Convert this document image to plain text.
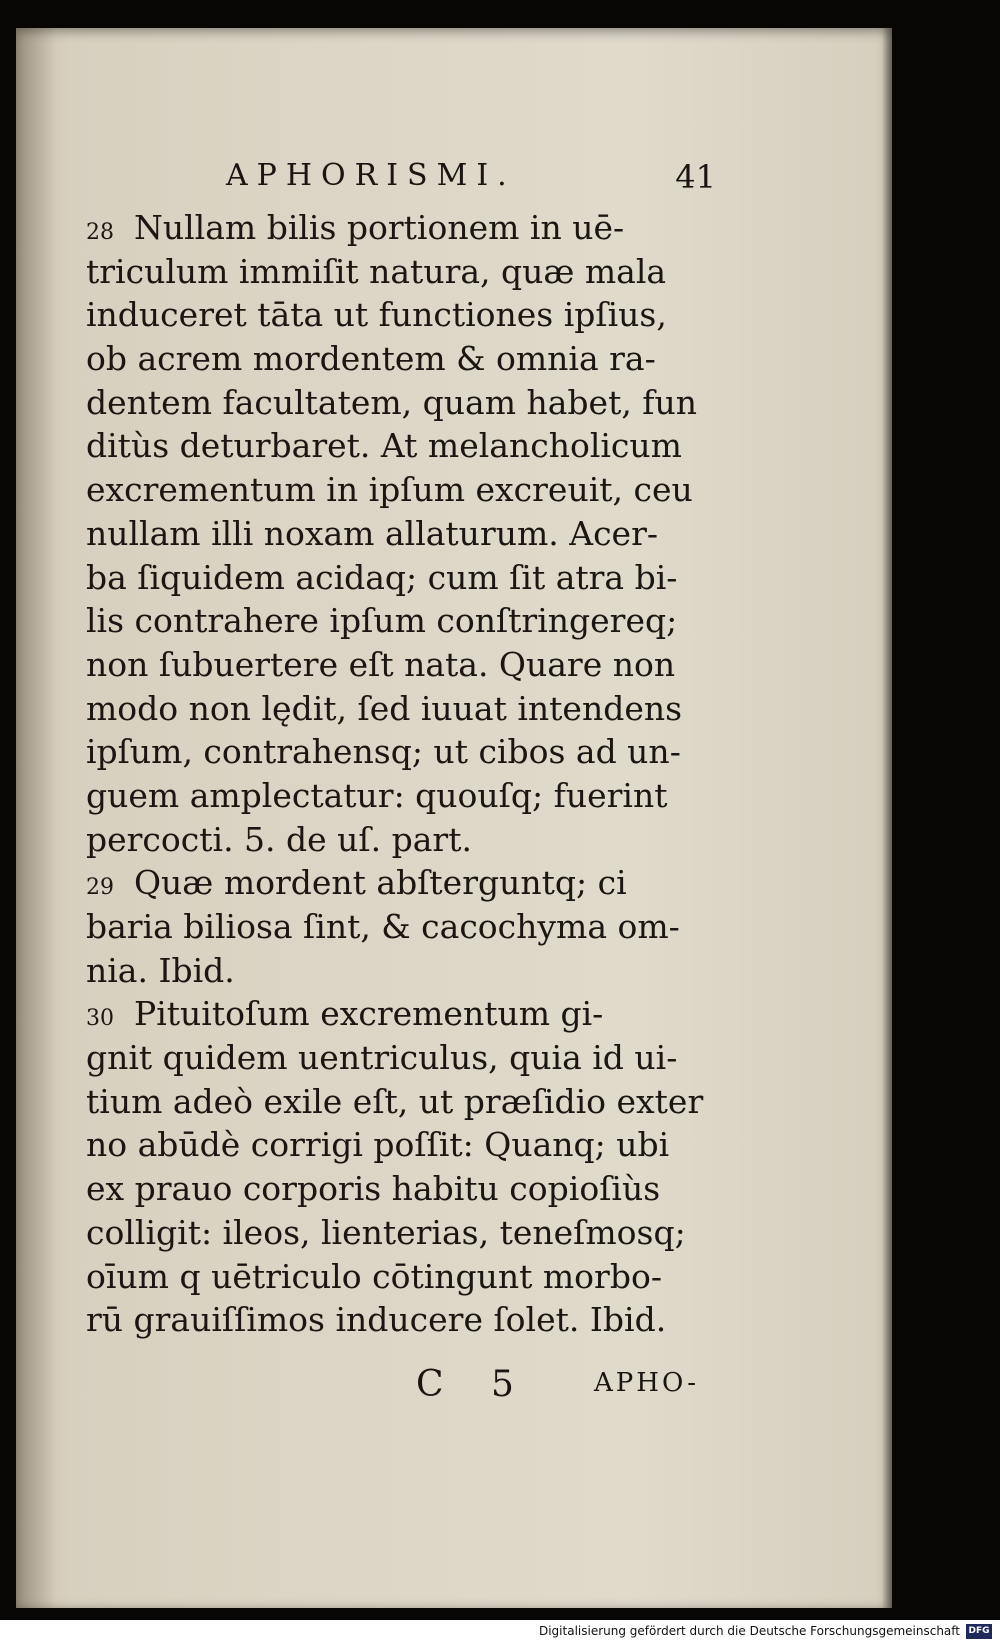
APHORISMI.	41
28 Nullam bilis portionem in uē-
triculum immiſit natura, quæ mala
induceret tāta ut functiones ipſius,
ob acrem mordentem & omnia ra-
dentem facultatem, quam habet, fun
ditùs deturbaret. At melancholicum
excrementum in ipſum excreuit, ceu
nullam illi noxam allaturum. Acer-
ba ſiquidem acidaq; cum ſit atra bi-
lis contrahere ipſum conſtringereq;
non ſubuertere eſt nata. Quare non
modo non lędit, ſed iuuat intendens
ipſum, contrahensq; ut cibos ad un-
guem amplectatur: quouſq; fuerint
percocti. 5. de uſ. part.
29 Quæ mordent abſterguntq; ci
baria biliosa ſint, & cacochyma om-
nia. Ibid.
30 Pituitoſum excrementum gi-
gnit quidem uentriculus, quia id ui-
tium adeò exile eſt, ut præſidio exter
no abūdè corrigi poſſit: Quanq; ubi
ex prauo corporis habitu copioſiùs
colligit: ileos, lienterias, teneſmosq;
oīum q uētriculo cōtingunt morbo-
rū grauiſſimos inducere ſolet. Ibid.
C 5 APHO-
Digitalisierung gefördert durch die Deutsche Forschungsgemeinschaft DFG
